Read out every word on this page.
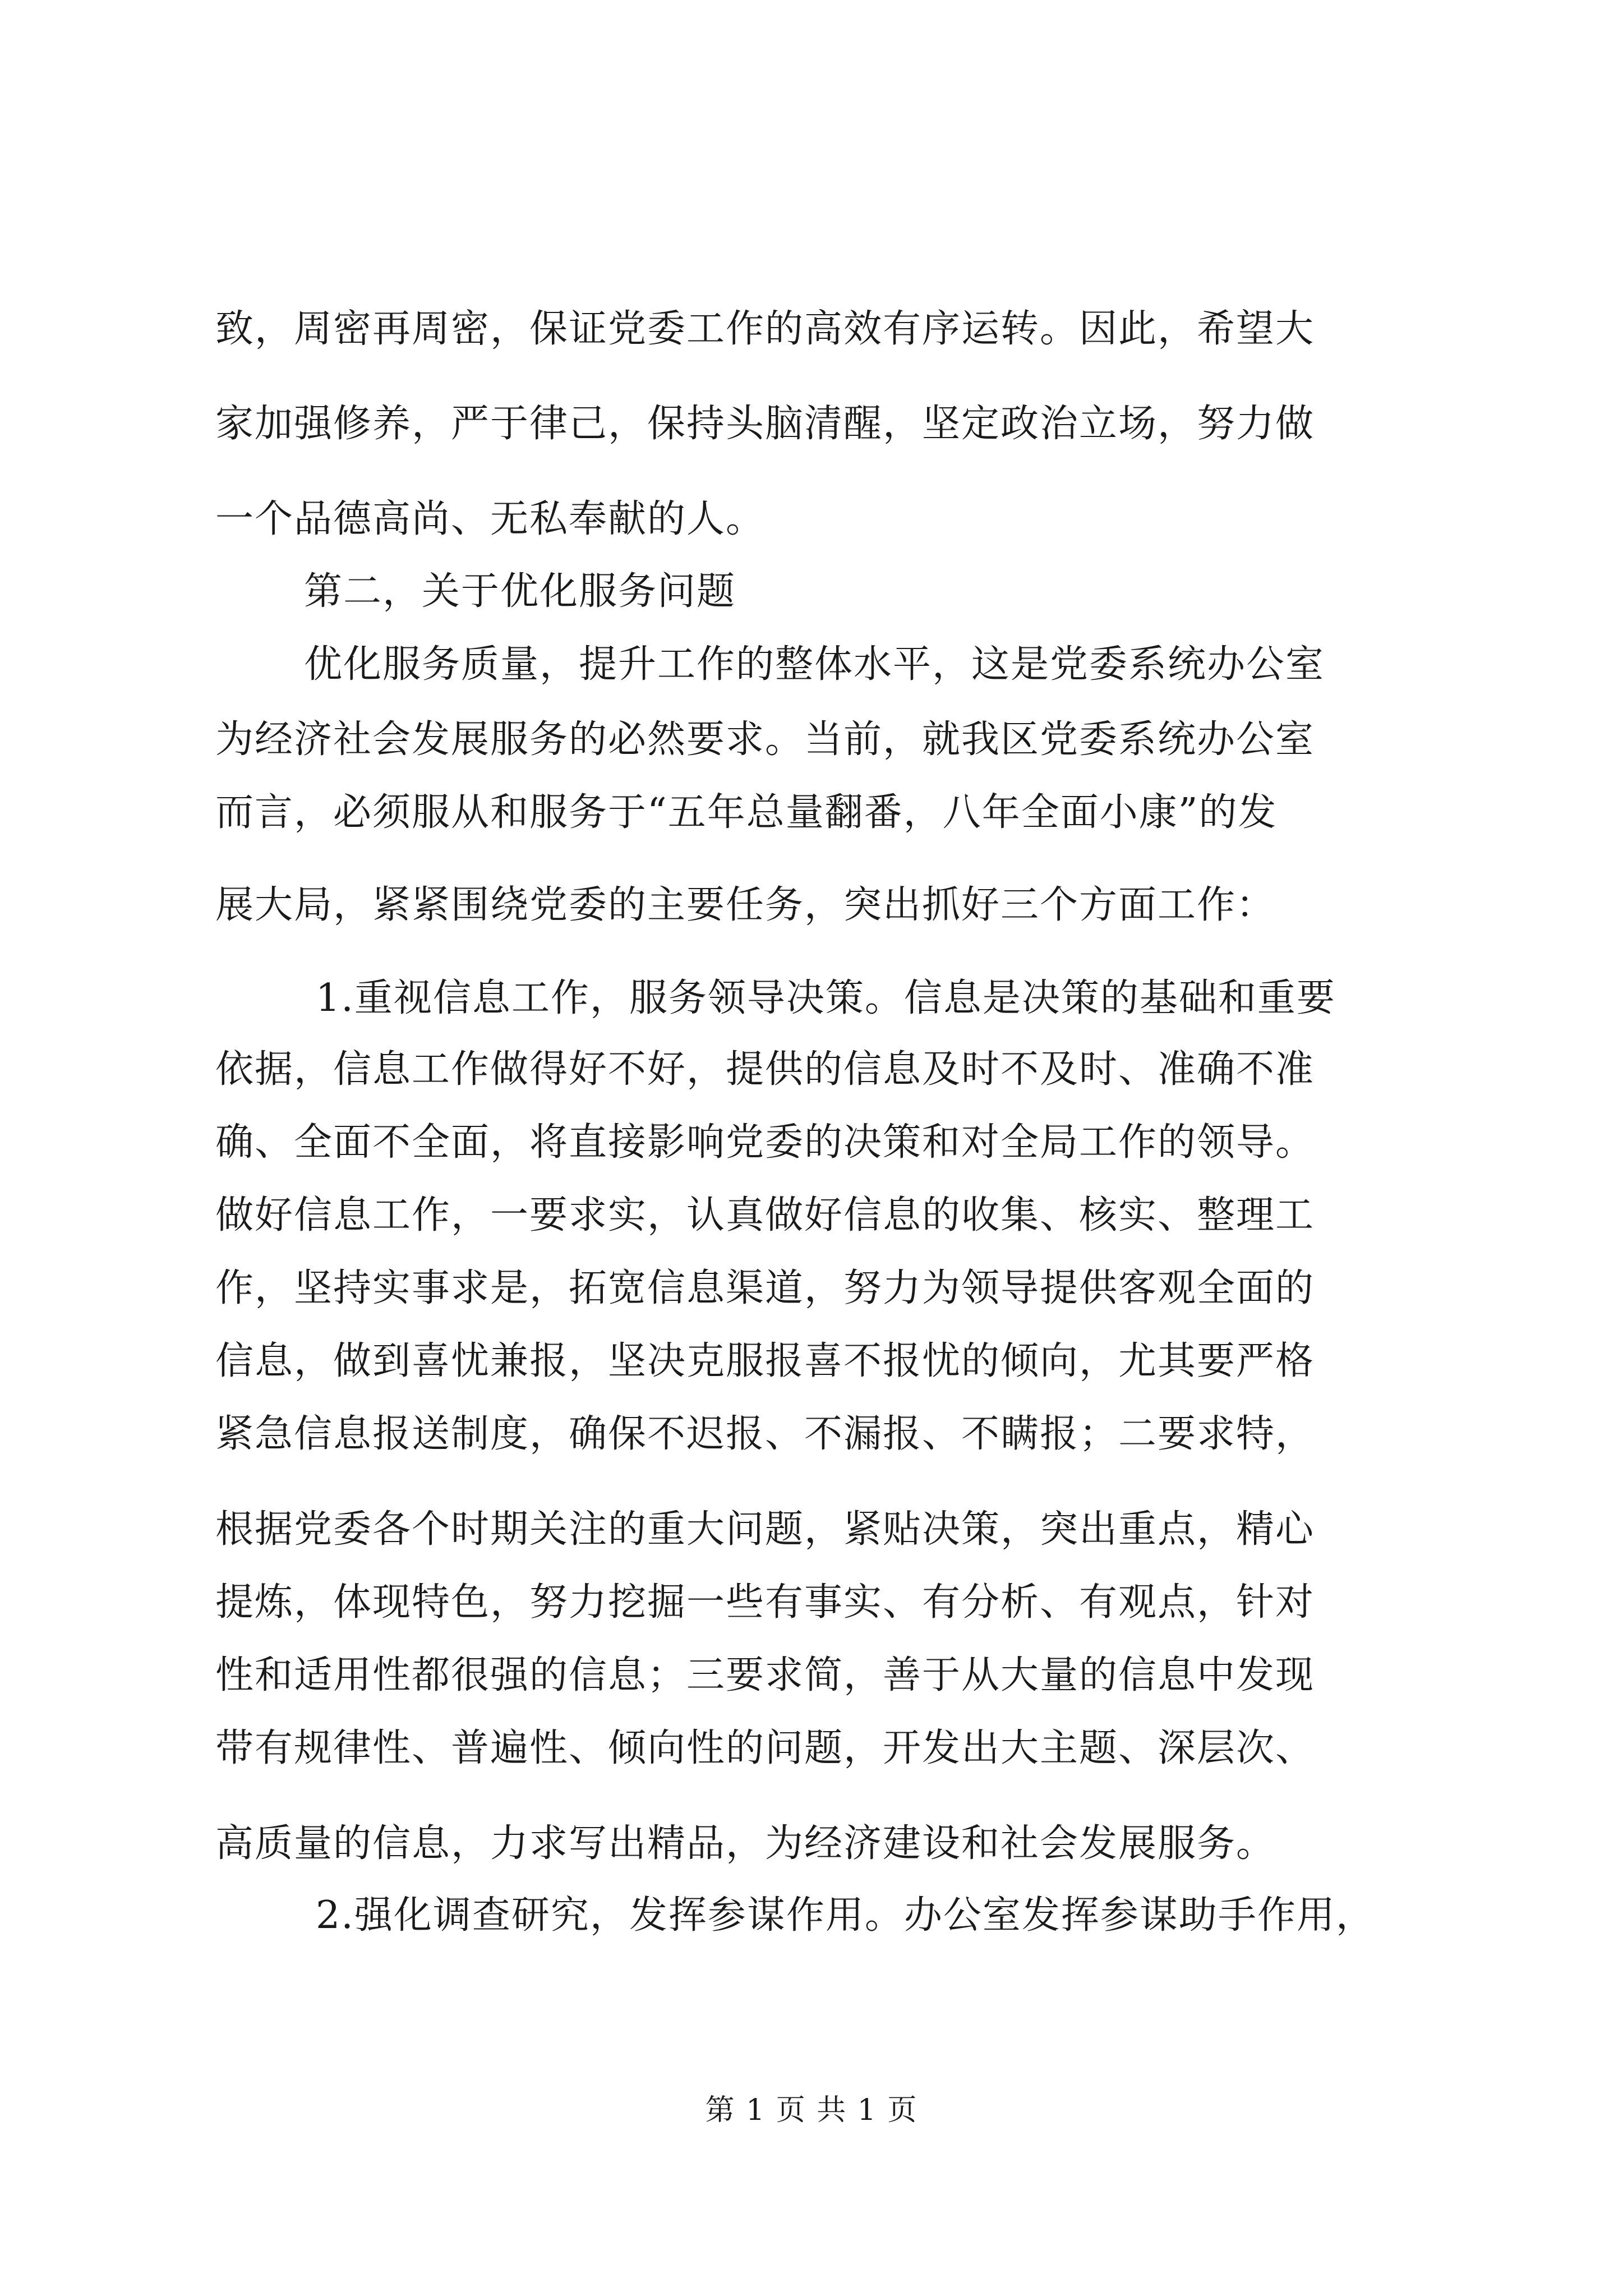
致，周密再周密，保证党委工作的高效有序运转。因此，希望大
家加强修养，严于律己，保持头脑清醒，坚定政治立场，努力做
一个品德高尚、无私奉献的人。
第二，关于优化服务问题
优化服务质量，提升工作的整体水平，这是党委系统办公室
为经济社会发展服务的必然要求。当前，就我区党委系统办公室
而言，必须服从和服务于“五年总量翻番，八年全面小康”的发
展大局，紧紧围绕党委的主要任务，突出抓好三个方面工作：
1.重视信息工作，服务领导决策。信息是决策的基础和重要
依据，信息工作做得好不好，提供的信息及时不及时、准确不准
确、全面不全面，将直接影响党委的决策和对全局工作的领导。
做好信息工作，一要求实，认真做好信息的收集、核实、整理工
作，坚持实事求是，拓宽信息渠道，努力为领导提供客观全面的
信息，做到喜忧兼报，坚决克服报喜不报忧的倾向，尤其要严格
紧急信息报送制度，确保不迟报、不漏报、不瞒报；二要求特，
根据党委各个时期关注的重大问题，紧贴决策，突出重点，精心
提炼，体现特色，努力挖掘一些有事实、有分析、有观点，针对
性和适用性都很强的信息；三要求简，善于从大量的信息中发现
带有规律性、普遍性、倾向性的问题，开发出大主题、深层次、
高质量的信息，力求写出精品，为经济建设和社会发展服务。
2.强化调查研究，发挥参谋作用。办公室发挥参谋助手作用，
第 1 页 共 1 页
